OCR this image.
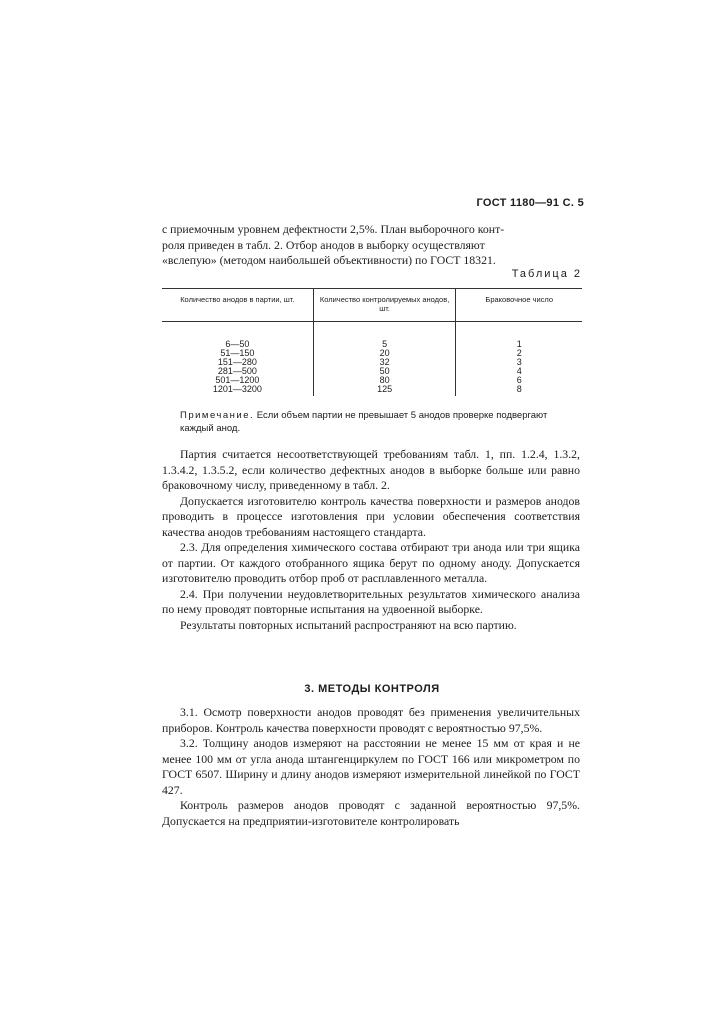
ГОСТ 1180—91 С. 5
с приемочным уровнем дефектности 2,5%. План выборочного конт-
роля приведен в табл. 2. Отбор анодов в выборку осуществляют
«вслепую» (методом наибольшей объективности) по ГОСТ 18321.
Таблица 2
Количество анодов в партии, шт.	Количество контролируемых анодов, шт.	Браковочное число
6—50	5	1
51—150	20	2
151—280	32	3
281—500	50	4
501—1200	80	6
1201—3200	125	8
Примечание. Если объем партии не превышает 5 анодов проверке подвергают каждый анод.

Партия считается несоответствующей требованиям табл. 1, пп. 1.2.4, 1.3.2, 1.3.4.2, 1.3.5.2, если количество дефектных анодов в выборке больше или равно браковочному числу, приведенному в табл. 2.

Допускается изготовителю контроль качества поверхности и размеров анодов проводить в процессе изготовления при условии обеспечения соответствия качества анодов требованиям настоящего стандарта.

2.3. Для определения химического состава отбирают три анода или три ящика от партии. От каждого отобранного ящика берут по одному аноду. Допускается изготовителю проводить отбор проб от расплавленного металла.

2.4. При получении неудовлетворительных результатов химического анализа по нему проводят повторные испытания на удвоенной выборке.

Результаты повторных испытаний распространяют на всю партию.

3. МЕТОДЫ КОНТРОЛЯ

3.1. Осмотр поверхности анодов проводят без применения увеличительных приборов. Контроль качества поверхности проводят с вероятностью 97,5%.

3.2. Толщину анодов измеряют на расстоянии не менее 15 мм от края и не менее 100 мм от угла анода штангенциркулем по ГОСТ 166 или микрометром по ГОСТ 6507. Ширину и длину анодов измеряют измерительной линейкой по ГОСТ 427.

Контроль размеров анодов проводят с заданной вероятностью 97,5%. Допускается на предприятии-изготовителе контролировать
